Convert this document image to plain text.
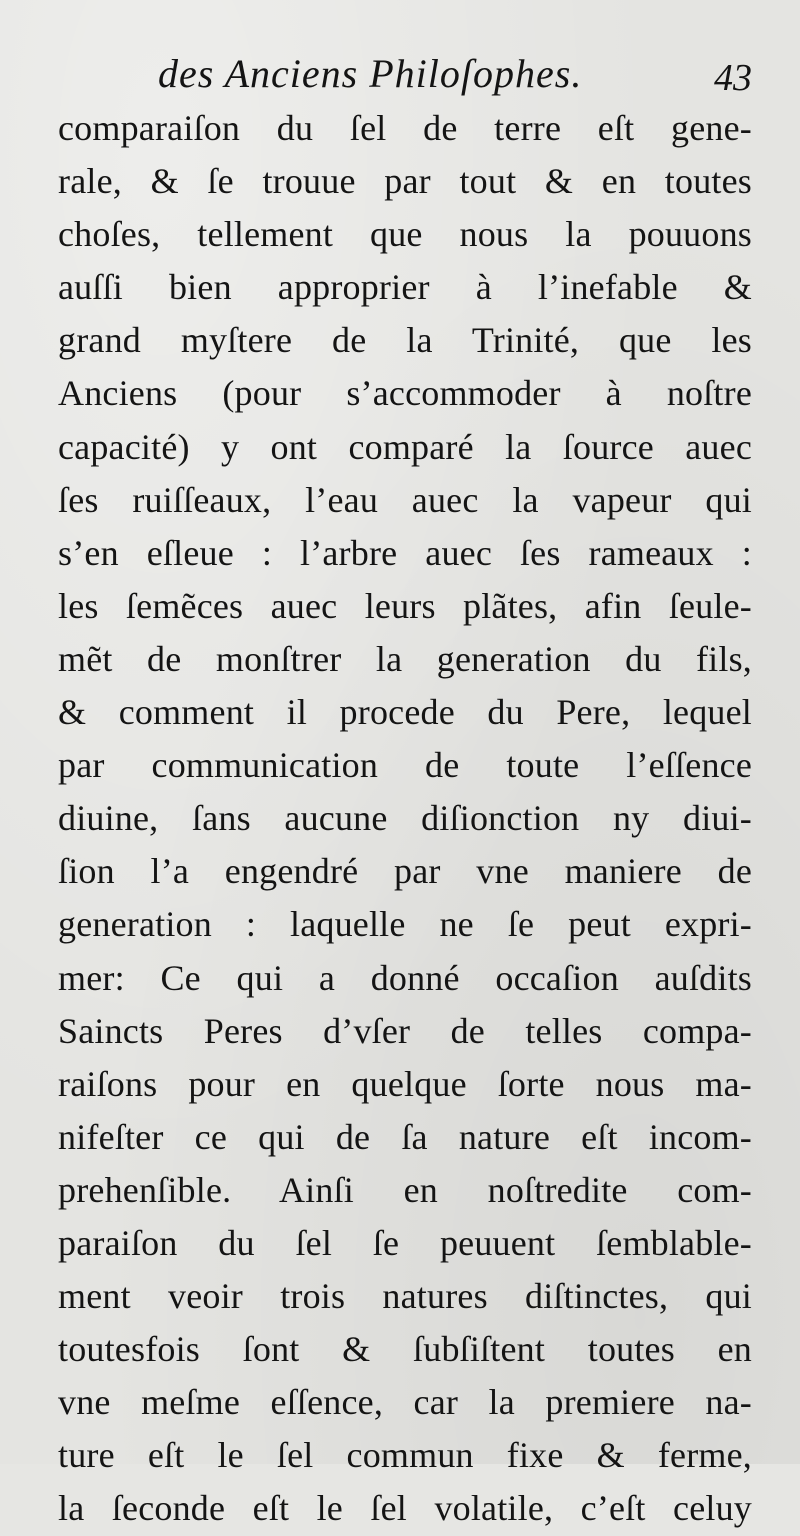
des Anciens Philoſophes.	43
comparaiſon du ſel de terre eſt gene-
rale, & ſe trouue par tout & en toutes
choſes, tellement que nous la pouuons
auſſi bien approprier à l’inefable &
grand myſtere de la Trinité, que les
Anciens (pour s’accommoder à noſtre
capacité) y ont comparé la ſource auec
ſes ruiſſeaux, l’eau auec la vapeur qui
s’en eſleue : l’arbre auec ſes rameaux :
les ſemẽces auec leurs plãtes, afin ſeule-
mẽt de monſtrer la generation du fils,
& comment il procede du Pere, lequel
par communication de toute l’eſſence
diuine, ſans aucune diſionction ny diui-
ſion l’a engendré par vne maniere de
generation : laquelle ne ſe peut expri-
mer: Ce qui a donné occaſion auſdits
Saincts Peres d’vſer de telles compa-
raiſons pour en quelque ſorte nous ma-
nifeſter ce qui de ſa nature eſt incom-
prehenſible. Ainſi en noſtredite com-
paraiſon du ſel ſe peuuent ſemblable-
ment veoir trois natures diſtinctes, qui
toutesfois ſont & ſubſiſtent toutes en
vne meſme eſſence, car la premiere na-
ture eſt le ſel commun fixe & ferme,
la ſeconde eſt le ſel volatile, c’eſt celuy
